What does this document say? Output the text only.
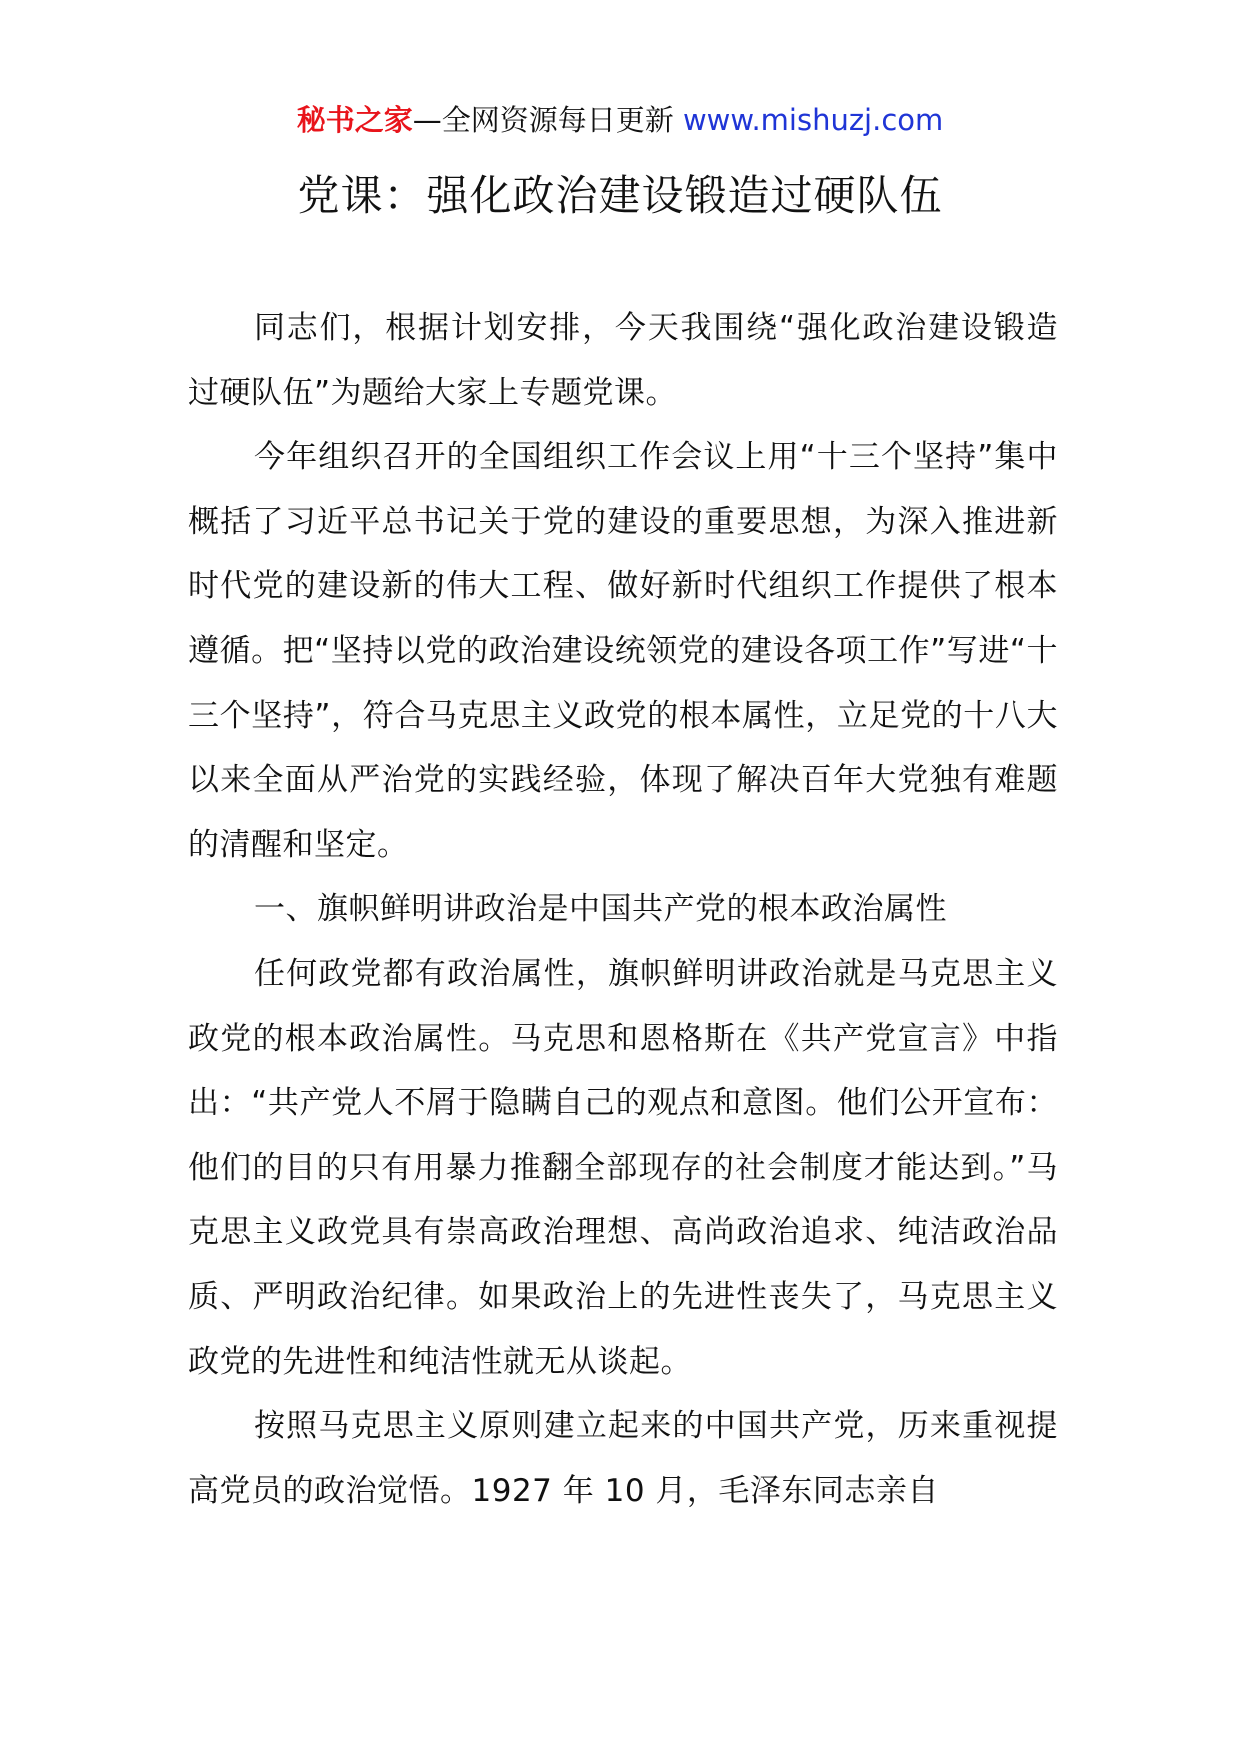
秘书之家—全网资源每日更新 www.mishuzj.com
党课：强化政治建设锻造过硬队伍

同志们，根据计划安排，今天我围绕“强化政治建设锻造过硬队伍”为题给大家上专题党课。

今年组织召开的全国组织工作会议上用“十三个坚持”集中概括了习近平总书记关于党的建设的重要思想，为深入推进新时代党的建设新的伟大工程、做好新时代组织工作提供了根本遵循。把“坚持以党的政治建设统领党的建设各项工作”写进“十三个坚持”，符合马克思主义政党的根本属性，立足党的十八大以来全面从严治党的实践经验，体现了解决百年大党独有难题的清醒和坚定。

一、旗帜鲜明讲政治是中国共产党的根本政治属性

任何政党都有政治属性，旗帜鲜明讲政治就是马克思主义政党的根本政治属性。马克思和恩格斯在《共产党宣言》中指出：“共产党人不屑于隐瞒自己的观点和意图。他们公开宣布：他们的目的只有用暴力推翻全部现存的社会制度才能达到。”马克思主义政党具有崇高政治理想、高尚政治追求、纯洁政治品质、严明政治纪律。如果政治上的先进性丧失了，马克思主义政党的先进性和纯洁性就无从谈起。

按照马克思主义原则建立起来的中国共产党，历来重视提高党员的政治觉悟。1927 年 10 月，毛泽东同志亲自
